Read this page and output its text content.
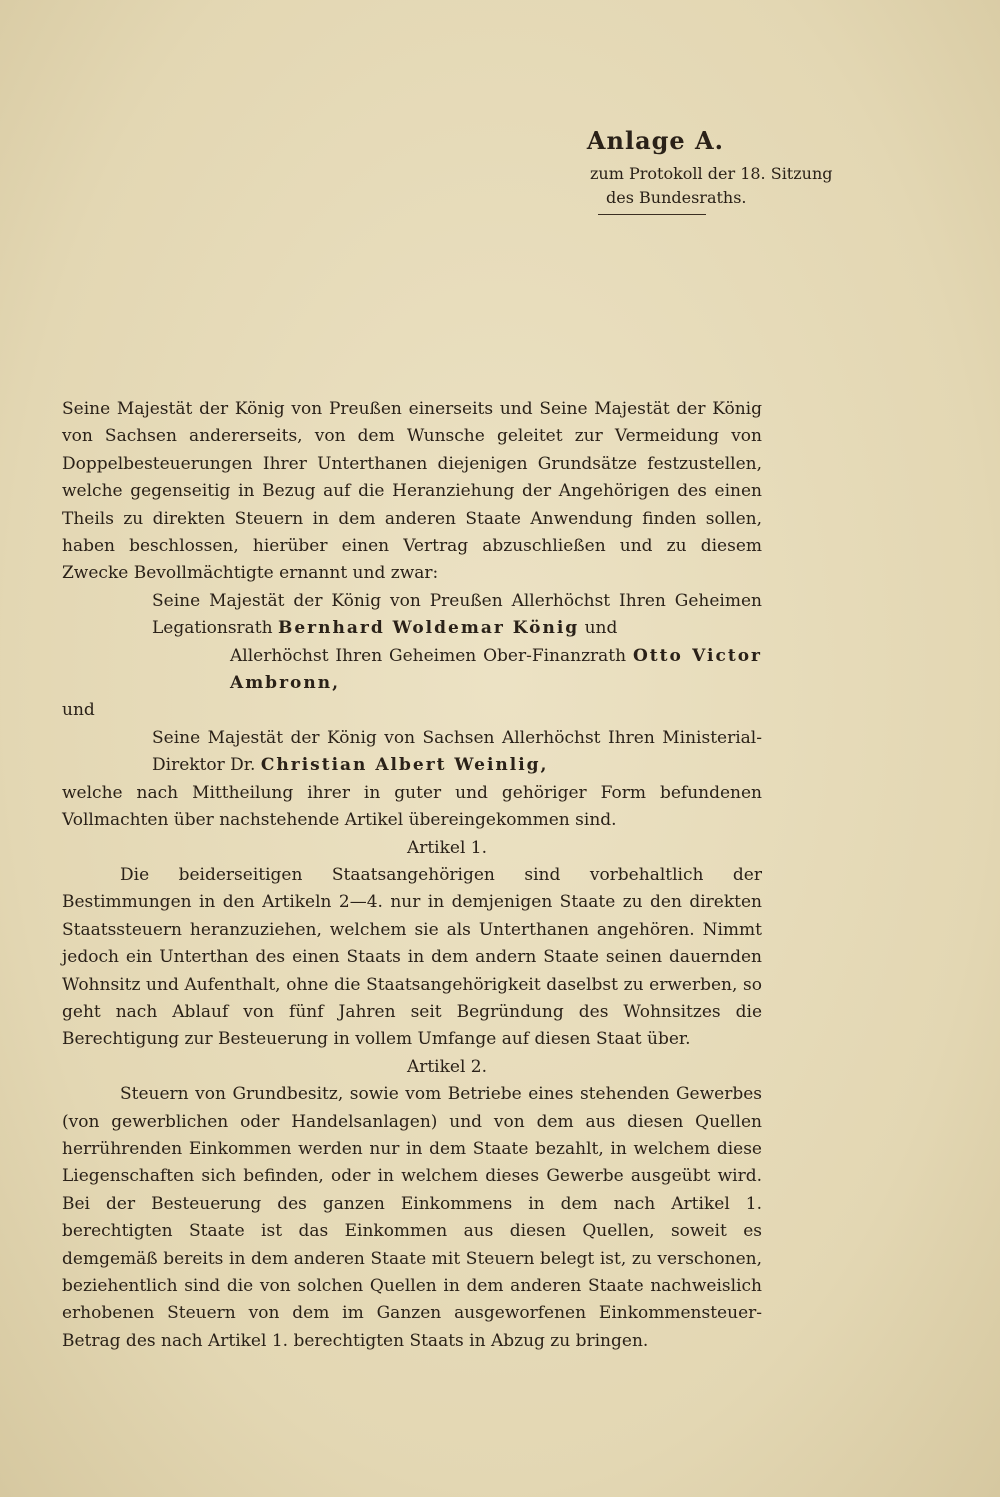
Anlage A.
zum Protokoll der 18. Sitzung
des Bundesraths.

Seine Majestät der König von Preußen einerseits und Seine Majestät der König von Sachsen andererseits, von dem Wunsche geleitet zur Vermeidung von Doppelbesteuerungen Ihrer Unterthanen diejenigen Grundsätze festzustellen, welche gegenseitig in Bezug auf die Heranziehung der Angehörigen des einen Theils zu direkten Steuern in dem anderen Staate Anwendung finden sollen, haben beschlossen, hierüber einen Vertrag abzuschließen und zu diesem Zwecke Bevollmächtigte ernannt und zwar:

Seine Majestät der König von Preußen Allerhöchst Ihren Geheimen Legationsrath Bernhard Woldemar König und

Allerhöchst Ihren Geheimen Ober-Finanzrath Otto Victor Ambronn,

und

Seine Majestät der König von Sachsen Allerhöchst Ihren Ministerial-Direktor Dr. Christian Albert Weinlig,

welche nach Mittheilung ihrer in guter und gehöriger Form befundenen Vollmachten über nachstehende Artikel übereingekommen sind.

Artikel 1.

Die beiderseitigen Staatsangehörigen sind vorbehaltlich der Bestimmungen in den Artikeln 2—4. nur in demjenigen Staate zu den direkten Staatssteuern heranzuziehen, welchem sie als Unterthanen angehören. Nimmt jedoch ein Unterthan des einen Staats in dem andern Staate seinen dauernden Wohnsitz und Aufenthalt, ohne die Staatsangehörigkeit daselbst zu erwerben, so geht nach Ablauf von fünf Jahren seit Begründung des Wohnsitzes die Berechtigung zur Besteuerung in vollem Umfange auf diesen Staat über.

Artikel 2.

Steuern von Grundbesitz, sowie vom Betriebe eines stehenden Gewerbes (von gewerblichen oder Handelsanlagen) und von dem aus diesen Quellen herrührenden Einkommen werden nur in dem Staate bezahlt, in welchem diese Liegenschaften sich befinden, oder in welchem dieses Gewerbe ausgeübt wird. Bei der Besteuerung des ganzen Einkommens in dem nach Artikel 1. berechtigten Staate ist das Einkommen aus diesen Quellen, soweit es demgemäß bereits in dem anderen Staate mit Steuern belegt ist, zu verschonen, beziehentlich sind die von solchen Quellen in dem anderen Staate nachweislich erhobenen Steuern von dem im Ganzen ausgeworfenen Einkommensteuer-Betrag des nach Artikel 1. berechtigten Staats in Abzug zu bringen.
